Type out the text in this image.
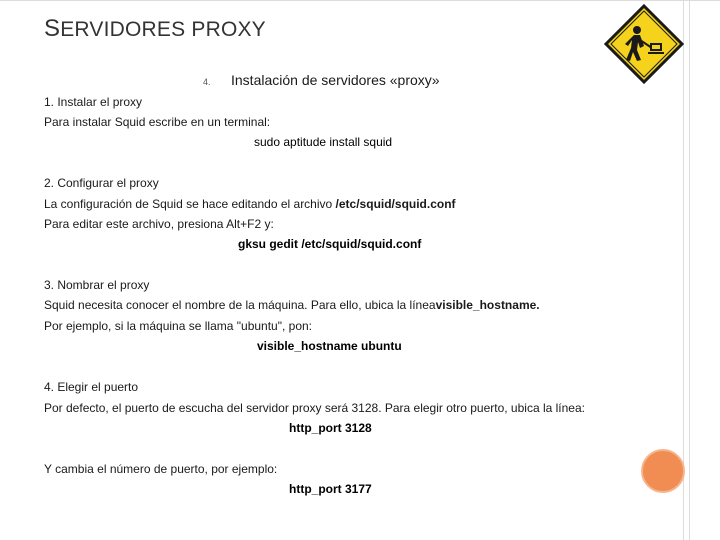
SERVIDORES PROXY
4. Instalación de servidores «proxy»
1. Instalar el proxy
Para instalar Squid escribe en un terminal:
sudo aptitude install squid
2. Configurar el proxy
La configuración de Squid se hace editando el archivo /etc/squid/squid.conf
Para editar este archivo, presiona Alt+F2 y:
gksu gedit /etc/squid/squid.conf
3. Nombrar el proxy
Squid necesita conocer el nombre de la máquina. Para ello, ubica la líneavisible_hostname.
Por ejemplo, si la máquina se llama "ubuntu", pon:
visible_hostname ubuntu
4. Elegir el puerto
Por defecto, el puerto de escucha del servidor proxy será 3128. Para elegir otro puerto, ubica la línea:
http_port 3128
Y cambia el número de puerto, por ejemplo:
http_port 3177
